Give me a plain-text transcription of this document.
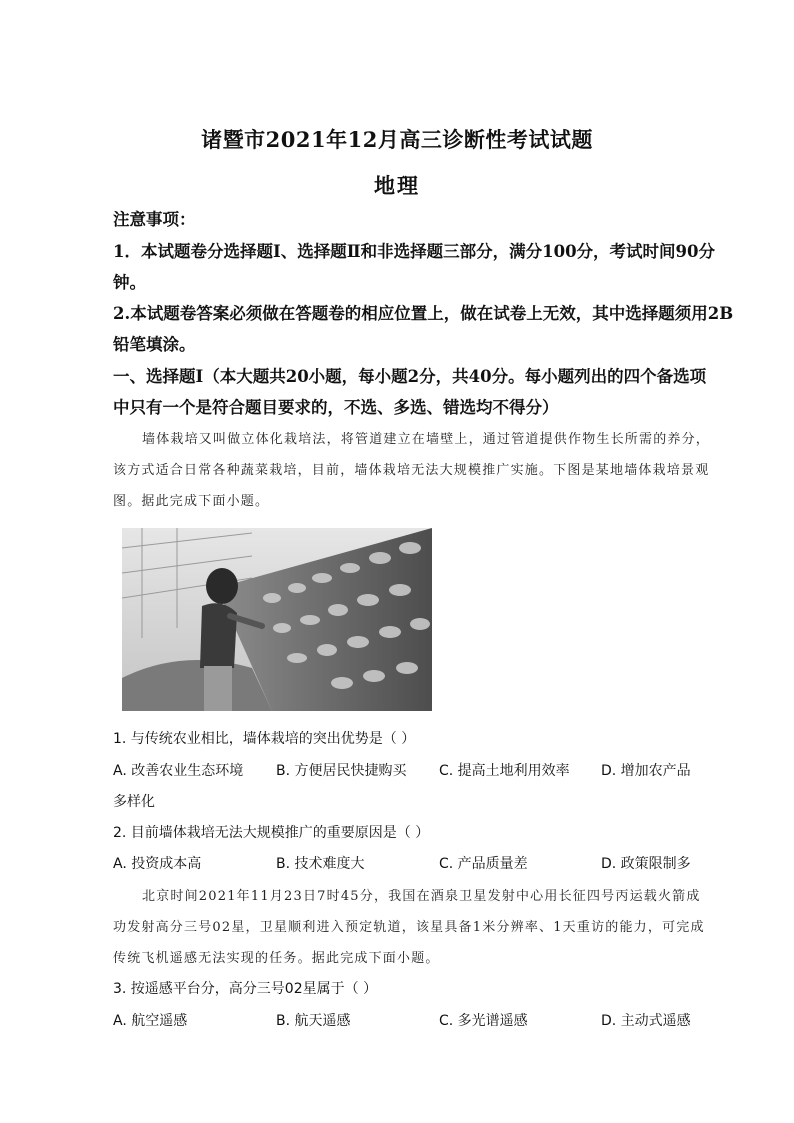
诸暨市2021年12月高三诊断性考试试题
地理
注意事项：
1．本试题卷分选择题Ⅰ、选择题Ⅱ和非选择题三部分，满分100分，考试时间90分
钟。
2.本试题卷答案必须做在答题卷的相应位置上，做在试卷上无效，其中选择题须用2B
铅笔填涂。
一、选择题Ⅰ（本大题共20小题，每小题2分，共40分。每小题列出的四个备选项
中只有一个是符合题目要求的，不选、多选、错选均不得分）
墙体栽培又叫做立体化栽培法，将管道建立在墙壁上，通过管道提供作物生长所需的养分，
该方式适合日常各种蔬菜栽培，目前，墙体栽培无法大规模推广实施。下图是某地墙体栽培景观
图。据此完成下面小题。
1. 与传统农业相比，墙体栽培的突出优势是（ ）
A. 改善农业生态环境 B. 方便居民快捷购买 C. 提高土地利用效率 D. 增加农产品
多样化
2. 目前墙体栽培无法大规模推广的重要原因是（ ）
A. 投资成本高	B. 技术难度大	C. 产品质量差	D. 政策限制多
北京时间2021年11月23日7时45分，我国在酒泉卫星发射中心用长征四号丙运载火箭成
功发射高分三号02星，卫星顺利进入预定轨道，该星具备1米分辨率、1天重访的能力，可完成
传统飞机遥感无法实现的任务。据此完成下面小题。
3. 按遥感平台分，高分三号02星属于（ ）
A. 航空遥感	B. 航天遥感	C. 多光谱遥感	D. 主动式遥感
